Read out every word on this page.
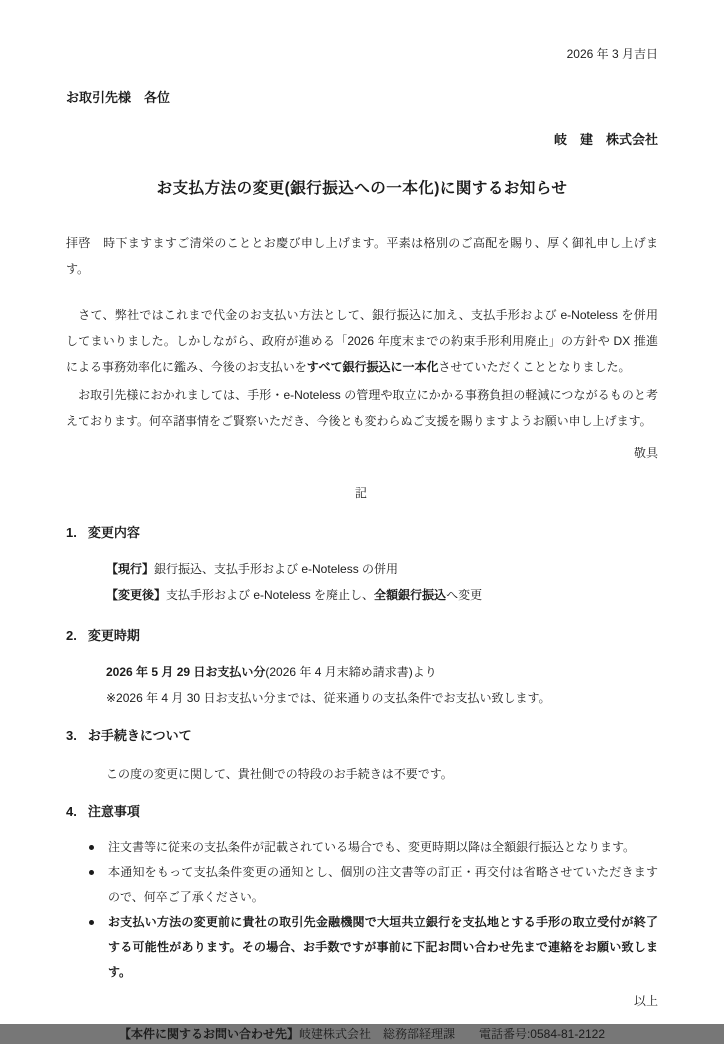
2026 年 3 月吉日
お取引先様　各位
岐　建　株式会社
お支払方法の変更(銀行振込への一本化)に関するお知らせ
拝啓　時下ますますご清栄のこととお慶び申し上げます。平素は格別のご高配を賜り、厚く御礼申し上げます。
　さて、弊社ではこれまで代金のお支払い方法として、銀行振込に加え、支払手形および e-Noteless を併用してまいりました。しかしながら、政府が進める「2026 年度末までの約束手形利用廃止」の方針や DX 推進による事務効率化に鑑み、今後のお支払いをすべて銀行振込に一本化させていただくこととなりました。
　お取引先様におかれましては、手形・e-Noteless の管理や取立にかかる事務負担の軽減につながるものと考えております。何卒諸事情をご賢察いただき、今後とも変わらぬご支援を賜りますようお願い申し上げます。
敬具
記
1. 変更内容
【現行】銀行振込、支払手形および e-Noteless の併用
【変更後】支払手形および e-Noteless を廃止し、全額銀行振込へ変更
2. 変更時期
2026 年 5 月 29 日お支払い分(2026 年 4 月末締め請求書)より
※2026 年 4 月 30 日お支払い分までは、従来通りの支払条件でお支払い致します。
3. お手続きについて
この度の変更に関して、貴社側での特段のお手続きは不要です。
4. 注意事項
注文書等に従来の支払条件が記載されている場合でも、変更時期以降は全額銀行振込となります。
本通知をもって支払条件変更の通知とし、個別の注文書等の訂正・再交付は省略させていただきますので、何卒ご了承ください。
お支払い方法の変更前に貴社の取引先金融機関で大垣共立銀行を支払地とする手形の取立受付が終了する可能性があります。その場合、お手数ですが事前に下記お問い合わせ先まで連絡をお願い致します。
以上
【本件に関するお問い合わせ先】岐建株式会社　総務部経理課　　電話番号:0584-81-2122
